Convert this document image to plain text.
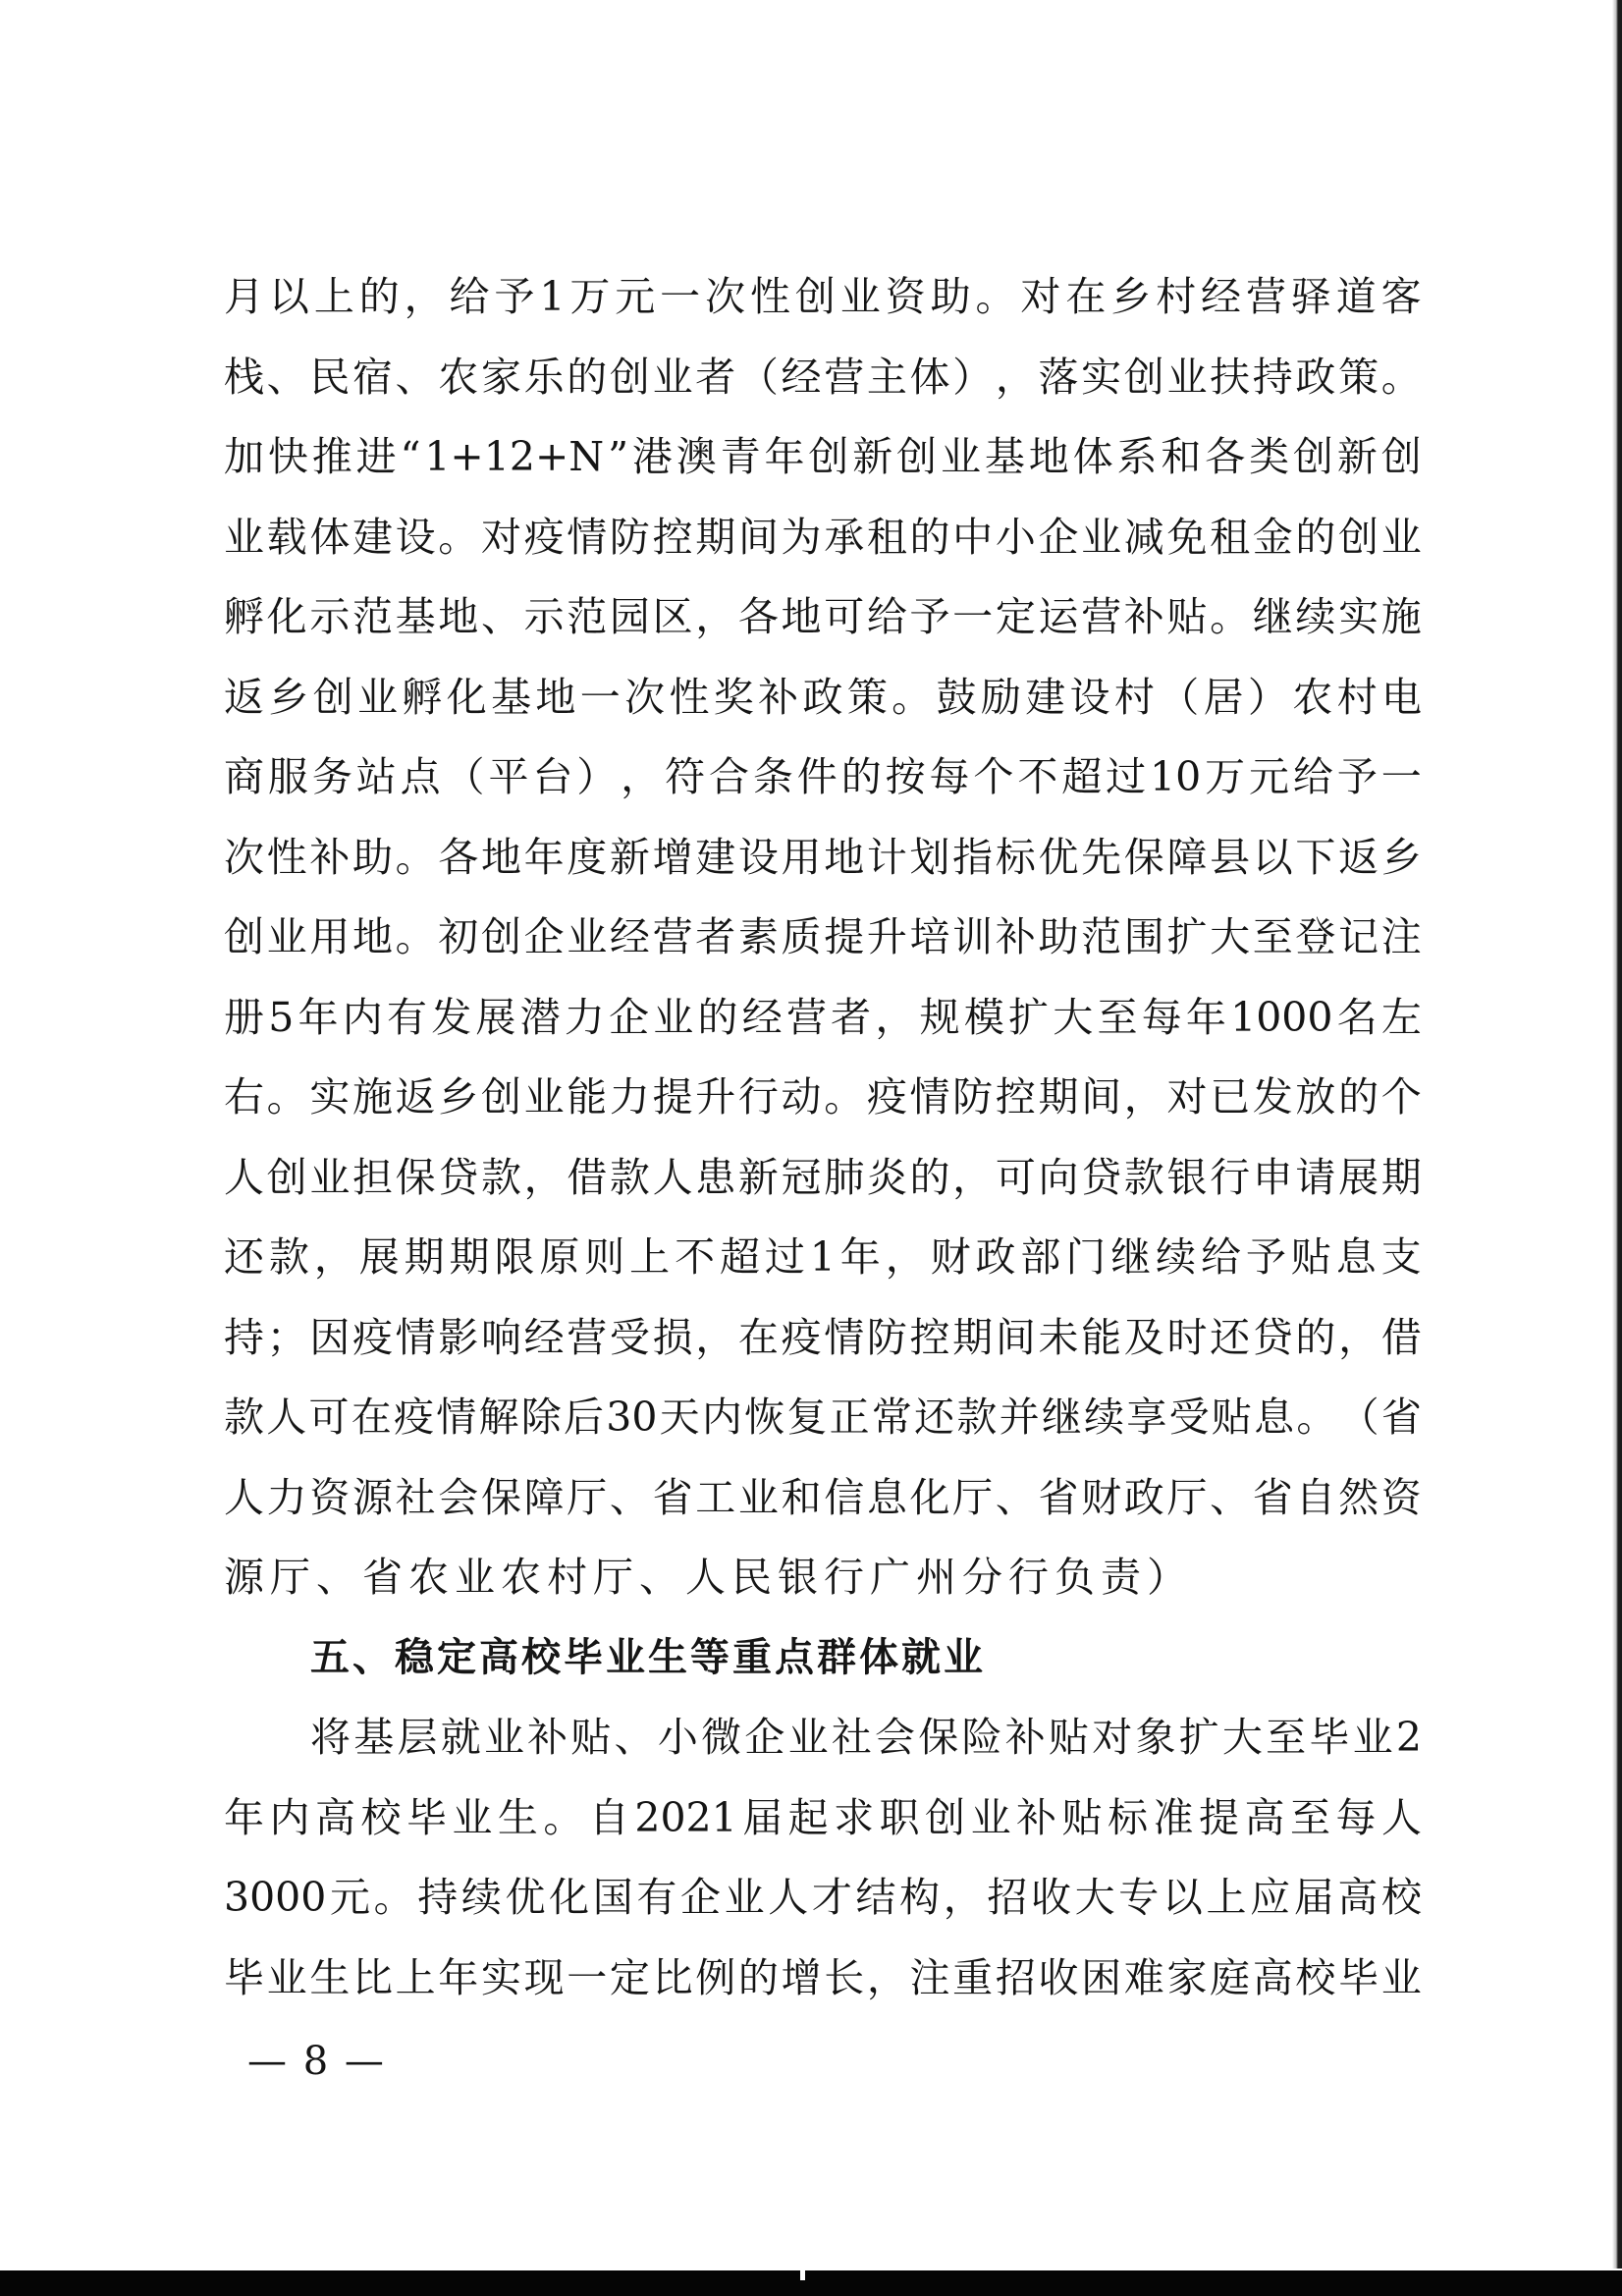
月 以 上 的 ， 给 予 1 万 元 一 次 性 创 业 资 助 。 对 在 乡 村 经 营 驿 道 客
栈 、 民 宿 、 农 家 乐 的 创 业 者 （ 经 营 主 体 ） ， 落 实 创 业 扶 持 政 策 。
加 快 推 进 “ 1+12+N ” 港 澳 青 年 创 新 创 业 基 地 体 系 和 各 类 创 新 创
业 载 体 建 设 。 对 疫 情 防 控 期 间 为 承 租 的 中 小 企 业 减 免 租 金 的 创 业
孵 化 示 范 基 地 、 示 范 园 区 ， 各 地 可 给 予 一 定 运 营 补 贴 。 继 续 实 施
返 乡 创 业 孵 化 基 地 一 次 性 奖 补 政 策 。 鼓 励 建 设 村 （ 居 ） 农 村 电
商 服 务 站 点 （ 平 台 ） ， 符 合 条 件 的 按 每 个 不 超 过 10 万 元 给 予 一
次 性 补 助 。 各 地 年 度 新 增 建 设 用 地 计 划 指 标 优 先 保 障 县 以 下 返 乡
创 业 用 地 。 初 创 企 业 经 营 者 素 质 提 升 培 训 补 助 范 围 扩 大 至 登 记 注
册 5 年 内 有 发 展 潜 力 企 业 的 经 营 者 ， 规 模 扩 大 至 每 年 1000 名 左
右 。 实 施 返 乡 创 业 能 力 提 升 行 动 。 疫 情 防 控 期 间 ， 对 已 发 放 的 个
人 创 业 担 保 贷 款 ， 借 款 人 患 新 冠 肺 炎 的 ， 可 向 贷 款 银 行 申 请 展 期
还 款 ， 展 期 期 限 原 则 上 不 超 过 1 年 ， 财 政 部 门 继 续 给 予 贴 息 支
持 ； 因 疫 情 影 响 经 营 受 损 ， 在 疫 情 防 控 期 间 未 能 及 时 还 贷 的 ， 借
款 人 可 在 疫 情 解 除 后 30 天 内 恢 复 正 常 还 款 并 继 续 享 受 贴 息 。 （ 省
人 力 资 源 社 会 保 障 厅 、 省 工 业 和 信 息 化 厅 、 省 财 政 厅 、 省 自 然 资
源厅、省农业农村厅、人民银行广州分行负责）
五、稳定高校毕业生等重点群体就业
将 基 层 就 业 补 贴 、 小 微 企 业 社 会 保 险 补 贴 对 象 扩 大 至 毕 业 2
年 内 高 校 毕 业 生 。 自 2021 届 起 求 职 创 业 补 贴 标 准 提 高 至 每 人
3000 元 。 持 续 优 化 国 有 企 业 人 才 结 构 ， 招 收 大 专 以 上 应 届 高 校
毕 业 生 比 上 年 实 现 一 定 比 例 的 增 长 ， 注 重 招 收 困 难 家 庭 高 校 毕 业
— 8 —
